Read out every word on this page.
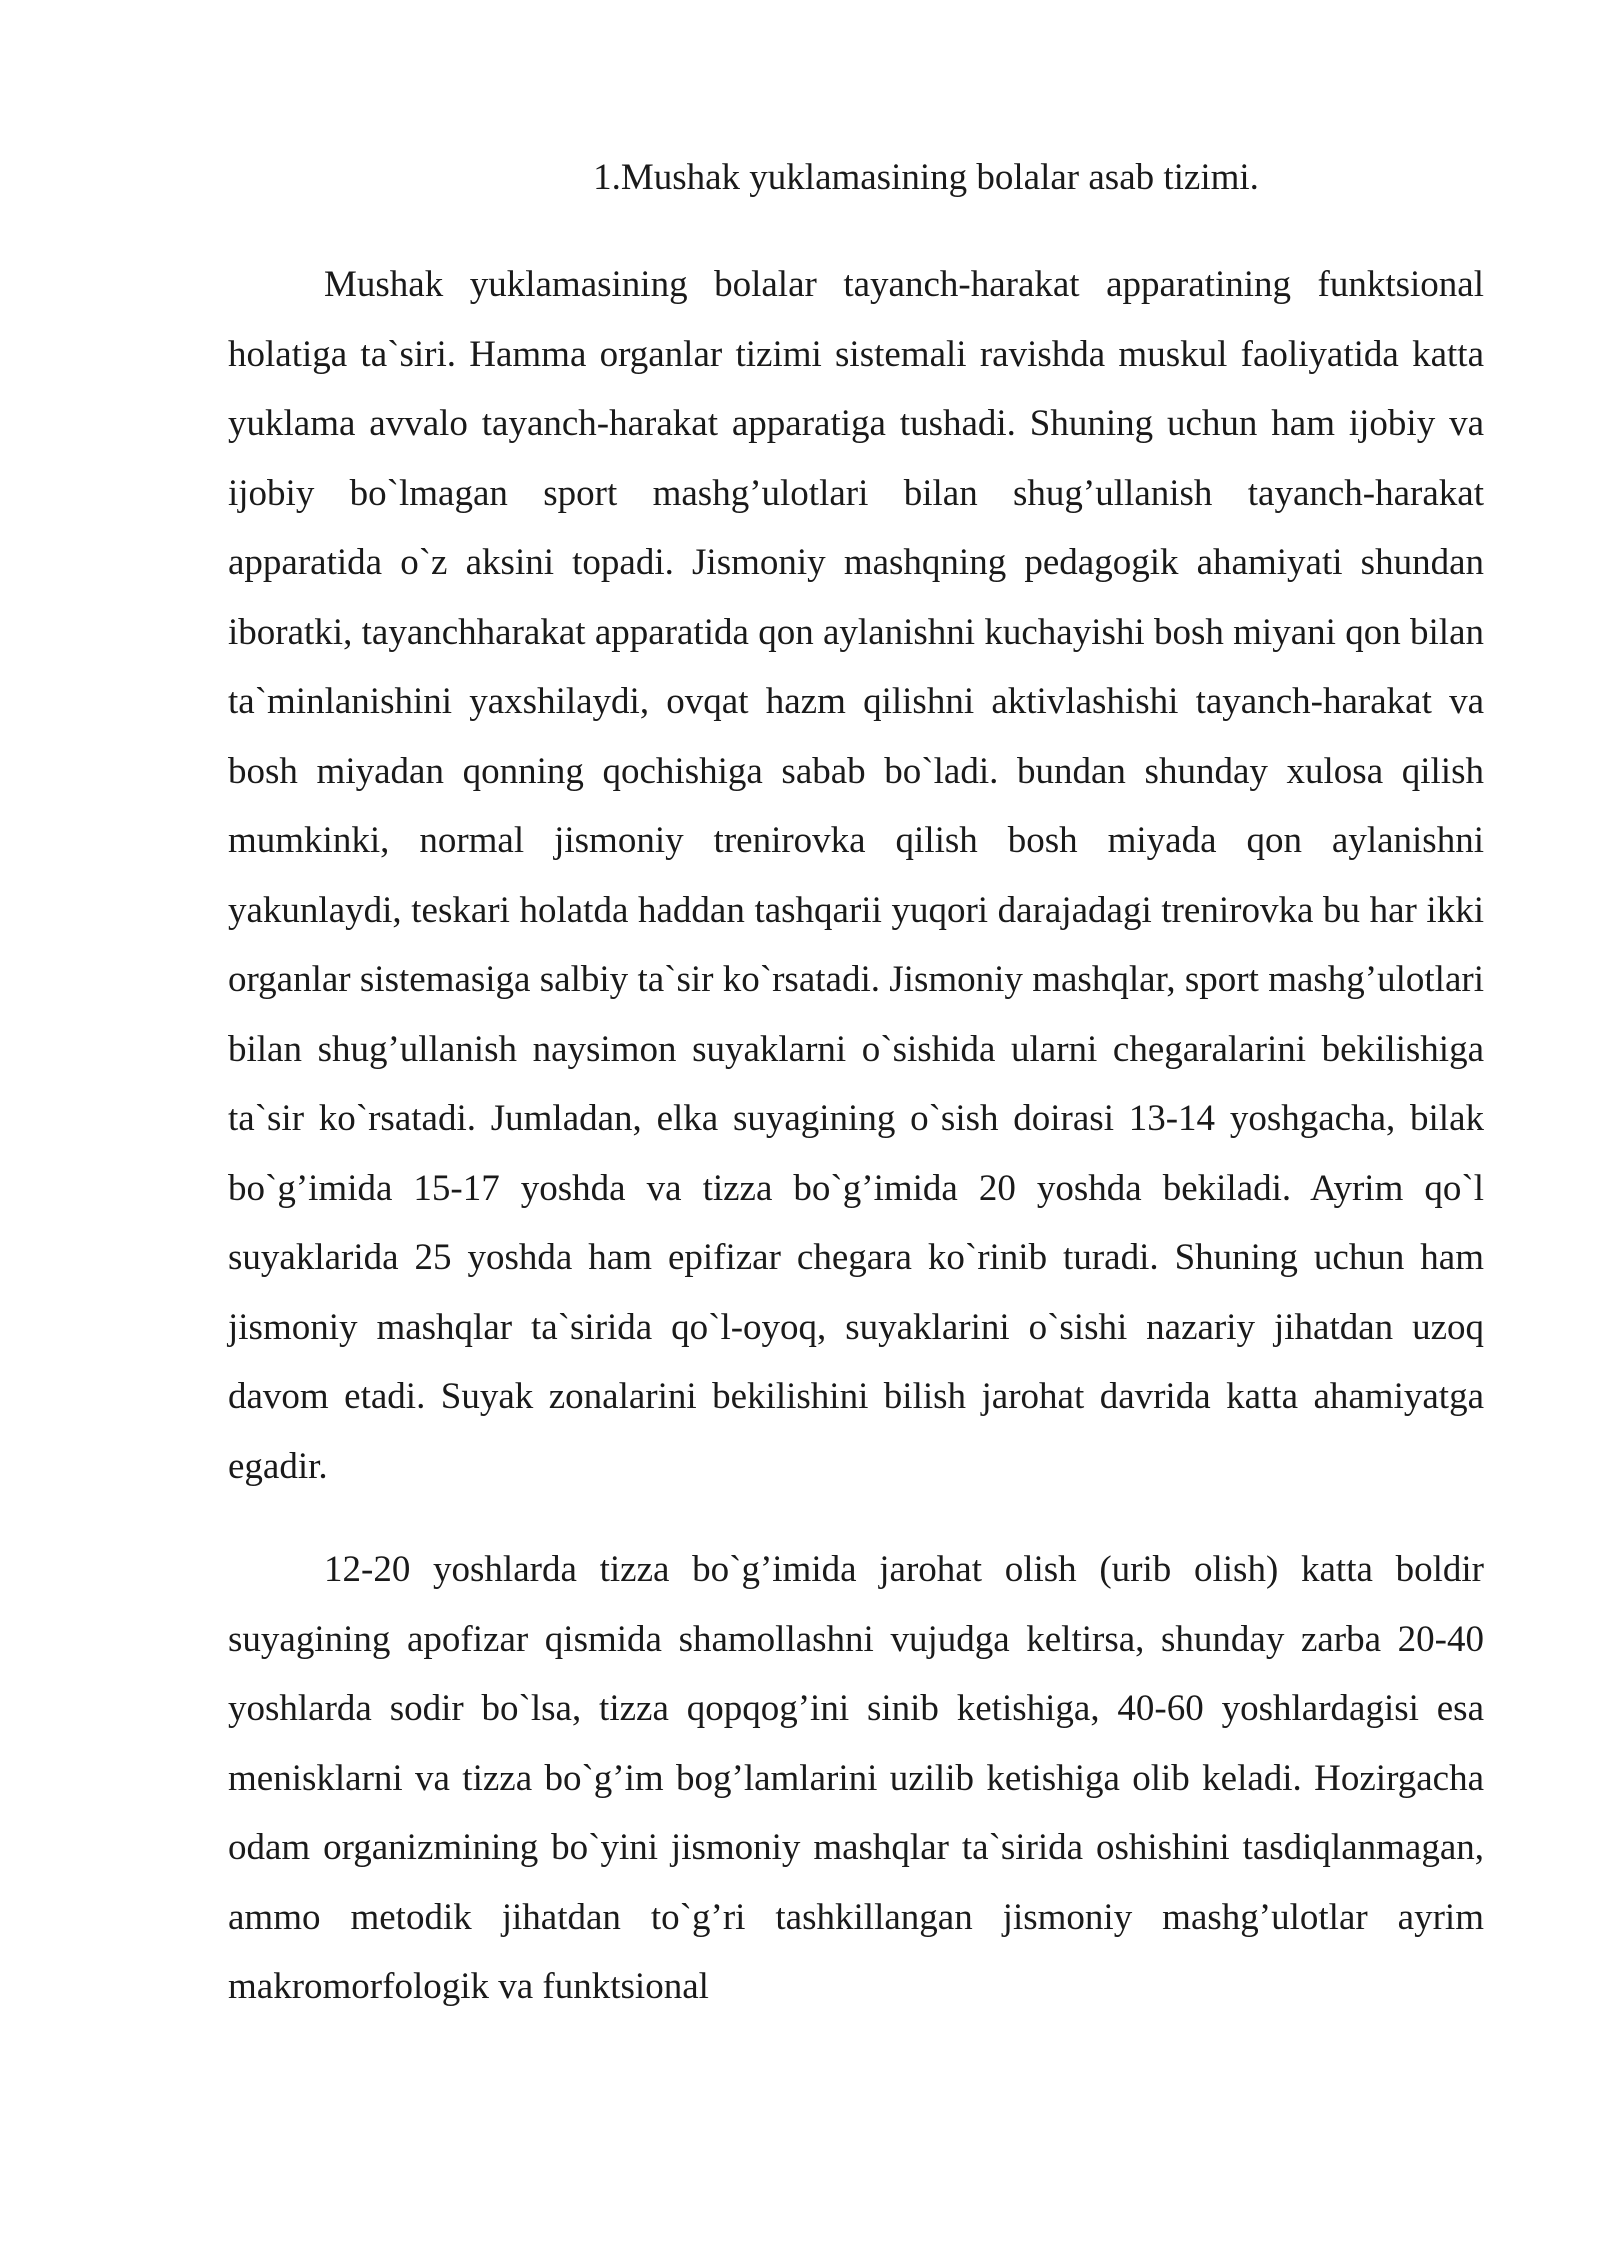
1.Mushak yuklamasining bolalar asab tizimi.

Mushak yuklamasining bolalar tayanch-harakat apparatining funktsional holatiga ta`siri. Hamma organlar tizimi sistemali ravishda muskul faoliyatida katta yuklama avvalo tayanch-harakat apparatiga tushadi. Shuning uchun ham ijobiy va ijobiy bo`lmagan sport mashg’ulotlari bilan shug’ullanish tayanch-harakat apparatida o`z aksini topadi. Jismoniy mashqning pedagogik ahamiyati shundan iboratki, tayanchharakat apparatida qon aylanishni kuchayishi bosh miyani qon bilan ta`minlanishini yaxshilaydi, ovqat hazm qilishni aktivlashishi tayanch-harakat va bosh miyadan qonning qochishiga sabab bo`ladi. bundan shunday xulosa qilish mumkinki, normal jismoniy trenirovka qilish bosh miyada qon aylanishni yakunlaydi, teskari holatda haddan tashqarii yuqori darajadagi trenirovka bu har ikki organlar sistemasiga salbiy ta`sir ko`rsatadi. Jismoniy mashqlar, sport mashg’ulotlari bilan shug’ullanish naysimon suyaklarni o`sishida ularni chegaralarini bekilishiga ta`sir ko`rsatadi. Jumladan, elka suyagining o`sish doirasi 13-14 yoshgacha, bilak bo`g’imida 15-17 yoshda va tizza bo`g’imida 20 yoshda bekiladi. Ayrim qo`l suyaklarida 25 yoshda ham epifizar chegara ko`rinib turadi. Shuning uchun ham jismoniy mashqlar ta`sirida qo`l-oyoq, suyaklarini o`sishi nazariy jihatdan uzoq davom etadi. Suyak zonalarini bekilishini bilish jarohat davrida katta ahamiyatga egadir.

12-20 yoshlarda tizza bo`g’imida jarohat olish (urib olish) katta boldir suyagining apofizar qismida shamollashni vujudga keltirsa, shunday zarba 20-40 yoshlarda sodir bo`lsa, tizza qopqog’ini sinib ketishiga, 40-60 yoshlardagisi esa menisklarni va tizza bo`g’im bog’lamlarini uzilib ketishiga olib keladi. Hozirgacha odam organizmining bo`yini jismoniy mashqlar ta`sirida oshishini tasdiqlanmagan, ammo metodik jihatdan to`g’ri tashkillangan jismoniy mashg’ulotlar ayrim makromorfologik va funktsional
